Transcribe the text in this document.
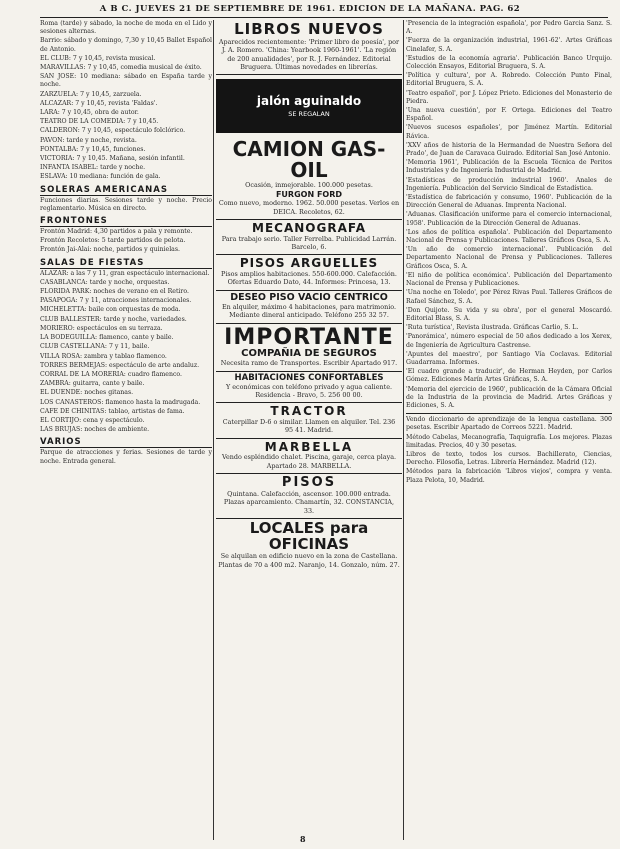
A B C. JUEVES 21 DE SEPTIEMBRE DE 1961. EDICION DE LA MAÑANA. PAG. 62

Roma (tarde) y sábado, la noche de moda en el Lido y sesiones alternas.

Barrio: sábado y domingo, 7,30 y 10,45 Ballet Español de Antonio.

EL CLUB: 7 y 10,45, revista musical.

MARAVILLAS: 7 y 10,45, comedia musical de éxito.

SAN JOSE: 10 mediana: sábado en España tarde y noche.

ZARZUELA: 7 y 10,45, zarzuela.

ALCAZAR: 7 y 10,45, revista 'Faldas'.

LARA: 7 y 10,45, obra de autor.

TEATRO DE LA COMEDIA: 7 y 10,45.

CALDERON: 7 y 10,45, espectáculo folclórico.

PAVON: tarde y noche, revista.

FONTALBA: 7 y 10,45, funciones.

VICTORIA: 7 y 10,45. Mañana, sesión infantil.

INFANTA ISABEL: tarde y noche.

ESLAVA: 10 mediana: función de gala.

SOLERAS AMERICANAS

Funciones diarias. Sesiones tarde y noche. Precio reglamentario. Música en directo.

FRONTONES

Frontón Madrid: 4,30 partidos a pala y remonte.

Frontón Recoletos: 5 tarde partidos de pelota.

Frontón Jai-Alai: noche, partidos y quinielas.

SALAS DE FIESTAS

ALAZAR: a las 7 y 11, gran espectáculo internacional.

CASABLANCA: tarde y noche, orquestas.

FLORIDA PARK: noches de verano en el Retiro.

PASAPOGA: 7 y 11, atracciones internacionales.

MICHELETTA: baile con orquestas de moda.

CLUB BALLESTER: tarde y noche, variedades.

MORIERO: espectáculos en su terraza.

LA BODEGUILLA: flamenco, cante y baile.

CLUB CASTELLANA: 7 y 11, baile.

VILLA ROSA: zambra y tablao flamenco.

TORRES BERMEJAS: espectáculo de arte andaluz.

CORRAL DE LA MORERIA: cuadro flamenco.

ZAMBRA: guitarra, cante y baile.

EL DUENDE: noches gitanas.

LOS CANASTEROS: flamenco hasta la madrugada.

CAFE DE CHINITAS: tablao, artistas de fama.

EL CORTIJO: cena y espectáculo.

LAS BRUJAS: noches de ambiente.

VARIOS

Parque de atracciones y ferias. Sesiones de tarde y noche. Entrada general.

LIBROS NUEVOS
Aparecidos recientemente: 'Primer libro de poesía', por J. A. Romero. 'China: Yearbook 1960-1961'. 'La región de 200 anualidades', por R. J. Fernández. Editorial Bruguera. Últimas novedades en librerías.
jalón aguinaldo
SE REGALAN
CAMION GAS-OIL
Ocasión, inmejorable. 100.000 pesetas.
FURGON FORD
Como nuevo, moderno. 1962. 50.000 pesetas. Verlos en DEICA. Recoletos, 62.
MECANOGRAFA
Para trabajo serio. Taller Ferrelba. Publicidad Larrán. Barcelo, 6.
PISOS ARGUELLES
Pisos amplios habitaciones. 550-600.000. Calefacción. Ofertas Eduardo Dato, 44. Informes: Princesa, 13.
DESEO PISO VACIO CENTRICO
En alquiler, máximo 4 habitaciones, para matrimonio. Mediante dineral anticipado. Teléfono 255 32 57.
IMPORTANTE
COMPAÑIA DE SEGUROS
Necesita ramo de Transportes. Escribir Apartado 917.
HABITACIONES CONFORTABLES
Y económicas con teléfono privado y agua caliente. Residencia - Bravo, 5. 256 00 00.
TRACTOR
Caterpillar D-6 o similar. Llamen en alquiler. Tel. 236 95 41. Madrid.
MARBELLA
Vendo espléndido chalet. Piscina, garaje, cerca playa. Apartado 28. MARBELLA.
PISOS
Quintana. Calefacción, ascensor. 100.000 entrada. Plazas aparcamiento. Chamartín, 32. CONSTANCIA, 33.
LOCALES para OFICINAS
Se alquilan en edificio nuevo en la zona de Castellana. Plantas de 70 a 400 m2. Naranjo, 14. Gonzalo, núm. 27.

'Presencia de la integración española', por Pedro Garcia Sanz. S. A.

'Fuerza de la organización industrial, 1961-62'. Artes Gráficas Cinelafer, S. A.

'Estudios de la economía agraria'. Publicación Banco Urquijo. Colección Ensayos, Editorial Bruguera, S. A.

'Política y cultura', por A. Robredo. Colección Punto Final, Editorial Bruguera, S. A.

'Teatro español', por J. López Prieto. Ediciones del Monasterio de Piedra.

'Una nueva cuestión', por F. Ortega. Ediciones del Teatro Español.

'Nuevos sucesos españoles', por Jiménez Martín. Editorial Rávica.

'XXV años de historia de la Hermandad de Nuestra Señora del Prado', de Juan de Caravaca Guirado. Editorial San José Antonio.

'Memoria 1961', Publicación de la Escuela Técnica de Peritos Industriales y de Ingeniería Industrial de Madrid.

'Estadísticas de producción industrial 1960'. Anales de Ingeniería. Publicación del Servicio Sindical de Estadística.

'Estadística de fabricación y consumo, 1960'. Publicación de la Dirección General de Aduanas. Imprenta Nacional.

'Aduanas. Clasificación uniforme para el comercio internacional, 1958'. Publicación de la Dirección General de Aduanas.

'Los años de política española'. Publicación del Departamento Nacional de Prensa y Publicaciones. Talleres Gráficos Osca, S. A.

'Un año de comercio internacional'. Publicación del Departamento Nacional de Prensa y Publicaciones. Talleres Gráficos Osca, S. A.

'El niño de política económica'. Publicación del Departamento Nacional de Prensa y Publicaciones.

'Una noche en Toledo', por Pérez Rivas Paul. Talleres Gráficos de Rafael Sánchez, S. A.

'Don Quijote. Su vida y su obra', por el general Moscardó. Editorial Blass, S. A.

'Ruta turística', Revista ilustrada. Gráficas Carlio, S. L.

'Panorámica', número especial de 50 años dedicado a los Xerex, de Ingeniería de Agricultura Castrense.

'Apuntes del maestro', por Santiago Vía Coclavas. Editorial Guadarrama. Informes.

'El cuadro grande a traducir', de Herman Heyden, por Carlos Gómez. Ediciones Marín Artes Gráficas, S. A.

'Memoria del ejercicio de 1960', publicación de la Cámara Oficial de la Industria de la provincia de Madrid. Artes Gráficas y Ediciones, S. A.

Vendo diccionario de aprendizaje de la lengua castellana. 300 pesetas. Escribir Apartado de Correos 5221. Madrid.

Método Cabelas, Mecanografía, Taquigrafía. Los mejores. Plazas limitadas. Precios, 40 y 30 pesetas.

Libros de texto, todos los cursos. Bachillerato, Ciencias, Derecho. Filosofía, Letras. Librería Hernández. Madrid (12).

Métodos para la fabricación 'Libros viejos', compra y venta. Plaza Pelota, 10, Madrid.

8
